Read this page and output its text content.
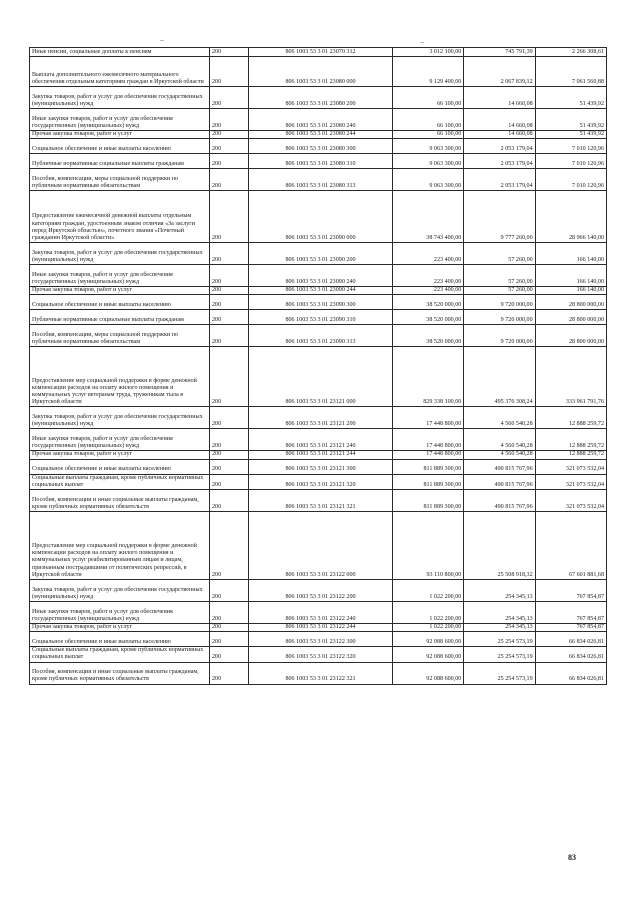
Иные пенсии, социальные доплаты к пенсиям	200	806 1003 53 3 01 23070 312	3 012 100,00	745 791,39	2 266 308,61
Выплата дополнительного ежемесячного материального обеспечения отдельным категориям граждан в Иркутской области	200	806 1003 53 3 01 23080 000	9 129 400,00	2 067 839,12	7 061 560,88
Закупка товаров, работ и услуг для обеспечения государственных (муниципальных) нужд	200	806 1003 53 3 01 23080 200	66 100,00	14 660,08	51 439,92
Иные закупки товаров, работ и услуг для обеспечения государственных (муниципальных) нужд	200	806 1003 53 3 01 23080 240	66 100,00	14 660,08	51 439,92
Прочая закупка товаров, работ и услуг	200	806 1003 53 3 01 23080 244	66 100,00	14 660,08	51 439,92
Социальное обеспечение и иные выплаты населению	200	806 1003 53 3 01 23080 300	9 063 300,00	2 053 179,04	7 010 120,96
Публичные нормативные социальные выплаты гражданам	200	806 1003 53 3 01 23080 310	9 063 300,00	2 053 179,04	7 010 120,96
Пособия, компенсации, меры социальной поддержки по публичным нормативным обязательствам	200	806 1003 53 3 01 23080 313	9 063 300,00	2 053 179,04	7 010 120,96
Предоставление ежемесячной денежной выплаты отдельным категориям граждан, удостоенным знаком отличия «За заслуги перед Иркутской областью», почетного звания «Почетный гражданин Иркутской области»	200	806 1003 53 3 01 23090 000	38 743 400,00	9 777 260,00	28 966 140,00
Закупка товаров, работ и услуг для обеспечения государственных (муниципальных) нужд	200	806 1003 53 3 01 23090 200	223 400,00	57 260,00	166 140,00
Иные закупки товаров, работ и услуг для обеспечения государственных (муниципальных) нужд	200	806 1003 53 3 01 23090 240	223 400,00	57 260,00	166 140,00
Прочая закупка товаров, работ и услуг	200	806 1003 53 3 01 23090 244	223 400,00	57 260,00	166 140,00
Социальное обеспечение и иные выплаты населению	200	806 1003 53 3 01 23090 300	38 520 000,00	9 720 000,00	28 800 000,00
Публичные нормативные социальные выплаты гражданам	200	806 1003 53 3 01 23090 310	38 520 000,00	9 720 000,00	28 800 000,00
Пособия, компенсации, меры социальной поддержки по публичным нормативным обязательствам	200	806 1003 53 3 01 23090 313	38 520 000,00	9 720 000,00	28 800 000,00
Предоставление мер социальной поддержки в форме денежной компенсации расходов на оплату жилого помещения и коммунальных услуг ветеранам труда, труженикам тыла в Иркутской области	200	806 1003 53 3 01 23121 000	829 338 100,00	495 376 308,24	333 961 791,76
Закупка товаров, работ и услуг для обеспечения государственных (муниципальных) нужд	200	806 1003 53 3 01 23121 200	17 448 800,00	4 560 540,28	12 888 259,72
Иные закупки товаров, работ и услуг для обеспечения государственных (муниципальных) нужд	200	806 1003 53 3 01 23121 240	17 448 800,00	4 560 540,28	12 888 259,72
Прочая закупка товаров, работ и услуг	200	806 1003 53 3 01 23121 244	17 448 800,00	4 560 540,28	12 888 259,72
Социальное обеспечение и иные выплаты населению	200	806 1003 53 3 01 23121 300	811 889 300,00	490 815 767,96	321 073 532,04
Социальные выплаты гражданам, кроме публичных нормативных социальных выплат	200	806 1003 53 3 01 23121 320	811 889 300,00	490 815 767,96	321 073 532,04
Пособия, компенсации и иные социальные выплаты гражданам, кроме публичных нормативных обязательств	200	806 1003 53 3 01 23121 321	811 889 300,00	490 815 767,96	321 073 532,04
Предоставление мер социальной поддержки в форме денежной компенсации расходов на оплату жилого помещения и коммунальных услуг реабилитированным лицам и лицам, признанным пострадавшими от политических репрессий, в Иркутской области	200	806 1003 53 3 01 23122 000	93 110 800,00	25 508 918,32	67 601 881,68
Закупка товаров, работ и услуг для обеспечения государственных (муниципальных) нужд	200	806 1003 53 3 01 23122 200	1 022 200,00	254 345,13	767 854,87
Иные закупки товаров, работ и услуг для обеспечения государственных (муниципальных) нужд	200	806 1003 53 3 01 23122 240	1 022 200,00	254 345,13	767 854,87
Прочая закупка товаров, работ и услуг	200	806 1003 53 3 01 23122 244	1 022 200,00	254 345,13	767 854,87
Социальное обеспечение и иные выплаты населению	200	806 1003 53 3 01 23122 300	92 088 600,00	25 254 573,19	66 834 026,81
Социальные выплаты гражданам, кроме публичных нормативных социальных выплат	200	806 1003 53 3 01 23122 320	92 088 600,00	25 254 573,19	66 834 026,81
Пособия, компенсации и иные социальные выплаты гражданам, кроме публичных нормативных обязательств	200	806 1003 53 3 01 23122 321	92 088 600,00	25 254 573,19	66 834 026,81
83
